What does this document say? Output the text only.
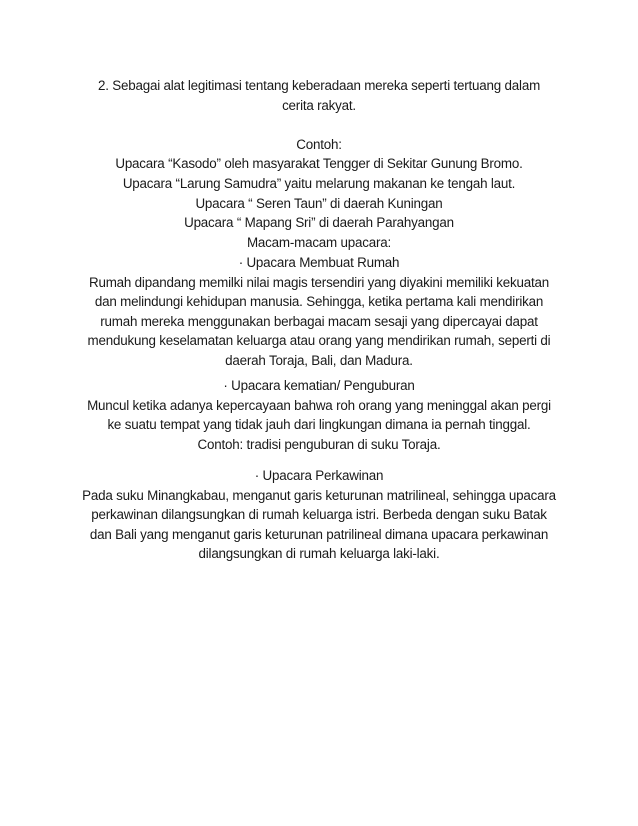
2. Sebagai alat legitimasi tentang keberadaan mereka seperti tertuang dalam
cerita rakyat.
Contoh:
Upacara “Kasodo” oleh masyarakat Tengger di Sekitar Gunung Bromo.
Upacara “Larung Samudra” yaitu melarung makanan ke tengah laut.
Upacara “ Seren Taun” di daerah Kuningan
Upacara “ Mapang Sri” di daerah Parahyangan
Macam-macam upacara:
· Upacara Membuat Rumah
Rumah dipandang memilki nilai magis tersendiri yang diyakini memiliki kekuatan
dan melindungi kehidupan manusia. Sehingga, ketika pertama kali mendirikan
rumah mereka menggunakan berbagai macam sesaji yang dipercayai dapat
mendukung keselamatan keluarga atau orang yang mendirikan rumah, seperti di
daerah Toraja, Bali, dan Madura.
· Upacara kematian/ Penguburan
Muncul ketika adanya kepercayaan bahwa roh orang yang meninggal akan pergi
ke suatu tempat yang tidak jauh dari lingkungan dimana ia pernah tinggal.
Contoh: tradisi penguburan di suku Toraja.
· Upacara Perkawinan
Pada suku Minangkabau, menganut garis keturunan matrilineal, sehingga upacara
perkawinan dilangsungkan di rumah keluarga istri. Berbeda dengan suku Batak
dan Bali yang menganut garis keturunan patrilineal dimana upacara perkawinan
dilangsungkan di rumah keluarga laki-laki.
